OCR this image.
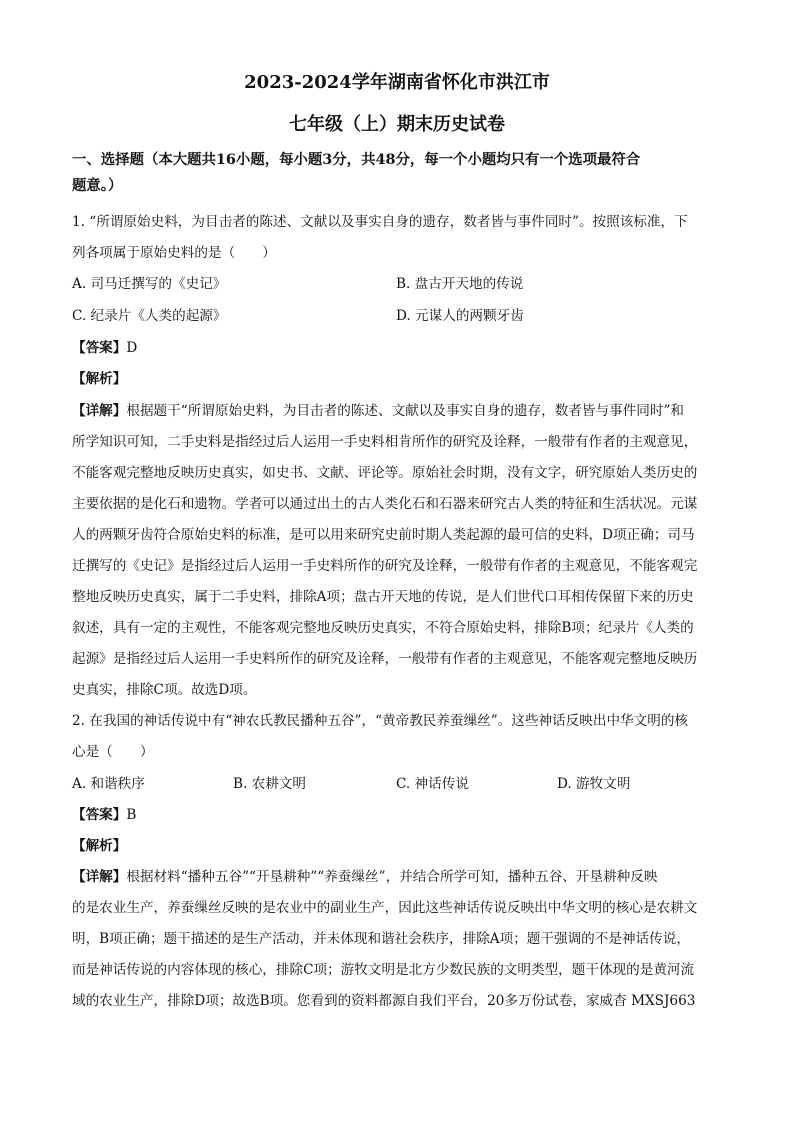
2023-2024学年湖南省怀化市洪江市
七年级（上）期末历史试卷
一、选择题（本大题共16小题，每小题3分，共48分，每一个小题均只有一个选项最符合
题意。）
1. “所谓原始史料，为目击者的陈述、文献以及事实自身的遗存，数者皆与事件同时”。按照该标准，下
列各项属于原始史料的是（　　）
A. 司马迁撰写的《史记》	B. 盘古开天地的传说
C. 纪录片《人类的起源》	D. 元谋人的两颗牙齿
【答案】D
【解析】
【详解】根据题干“所谓原始史料，为目击者的陈述、文献以及事实自身的遗存，数者皆与事件同时”和
所学知识可知，二手史料是指经过后人运用一手史料相肯所作的研究及诠释，一般带有作者的主观意见，
不能客观完整地反映历史真实，如史书、文献、评论等。原始社会时期，没有文字，研究原始人类历史的
主要依据的是化石和遗物。学者可以通过出土的古人类化石和石器来研究古人类的特征和生活状况。元谋
人的两颗牙齿符合原始史料的标准，是可以用来研究史前时期人类起源的最可信的史料，D项正确；司马
迁撰写的《史记》是指经过后人运用一手史料所作的研究及诠释，一般带有作者的主观意见，不能客观完
整地反映历史真实，属于二手史料，排除A项；盘古开天地的传说，是人们世代口耳相传保留下来的历史
叙述，具有一定的主观性，不能客观完整地反映历史真实，不符合原始史料，排除B项；纪录片《人类的
起源》是指经过后人运用一手史料所作的研究及诠释，一般带有作者的主观意见，不能客观完整地反映历
史真实，排除C项。故选D项。
2. 在我国的神话传说中有“神农氏教民播种五谷”，“黄帝教民养蚕缫丝”。这些神话反映出中华文明的核
心是（　　）
A. 和谐秩序	B. 农耕文明	C. 神话传说	D. 游牧文明
【答案】B
【解析】
【详解】根据材料“播种五谷”“开垦耕种”“养蚕缫丝”，并结合所学可知，播种五谷、开垦耕种反映
的是农业生产，养蚕缫丝反映的是农业中的副业生产，因此这些神话传说反映出中华文明的核心是农耕文
明，B项正确；题干描述的是生产活动，并未体现和谐社会秩序，排除A项；题干强调的不是神话传说，
而是神话传说的内容体现的核心，排除C项；游牧文明是北方少数民族的文明类型，题干体现的是黄河流
域的农业生产，排除D项；故选B项。您看到的资料都源自我们平台，20多万份试卷，家威杳 MXSJ663
